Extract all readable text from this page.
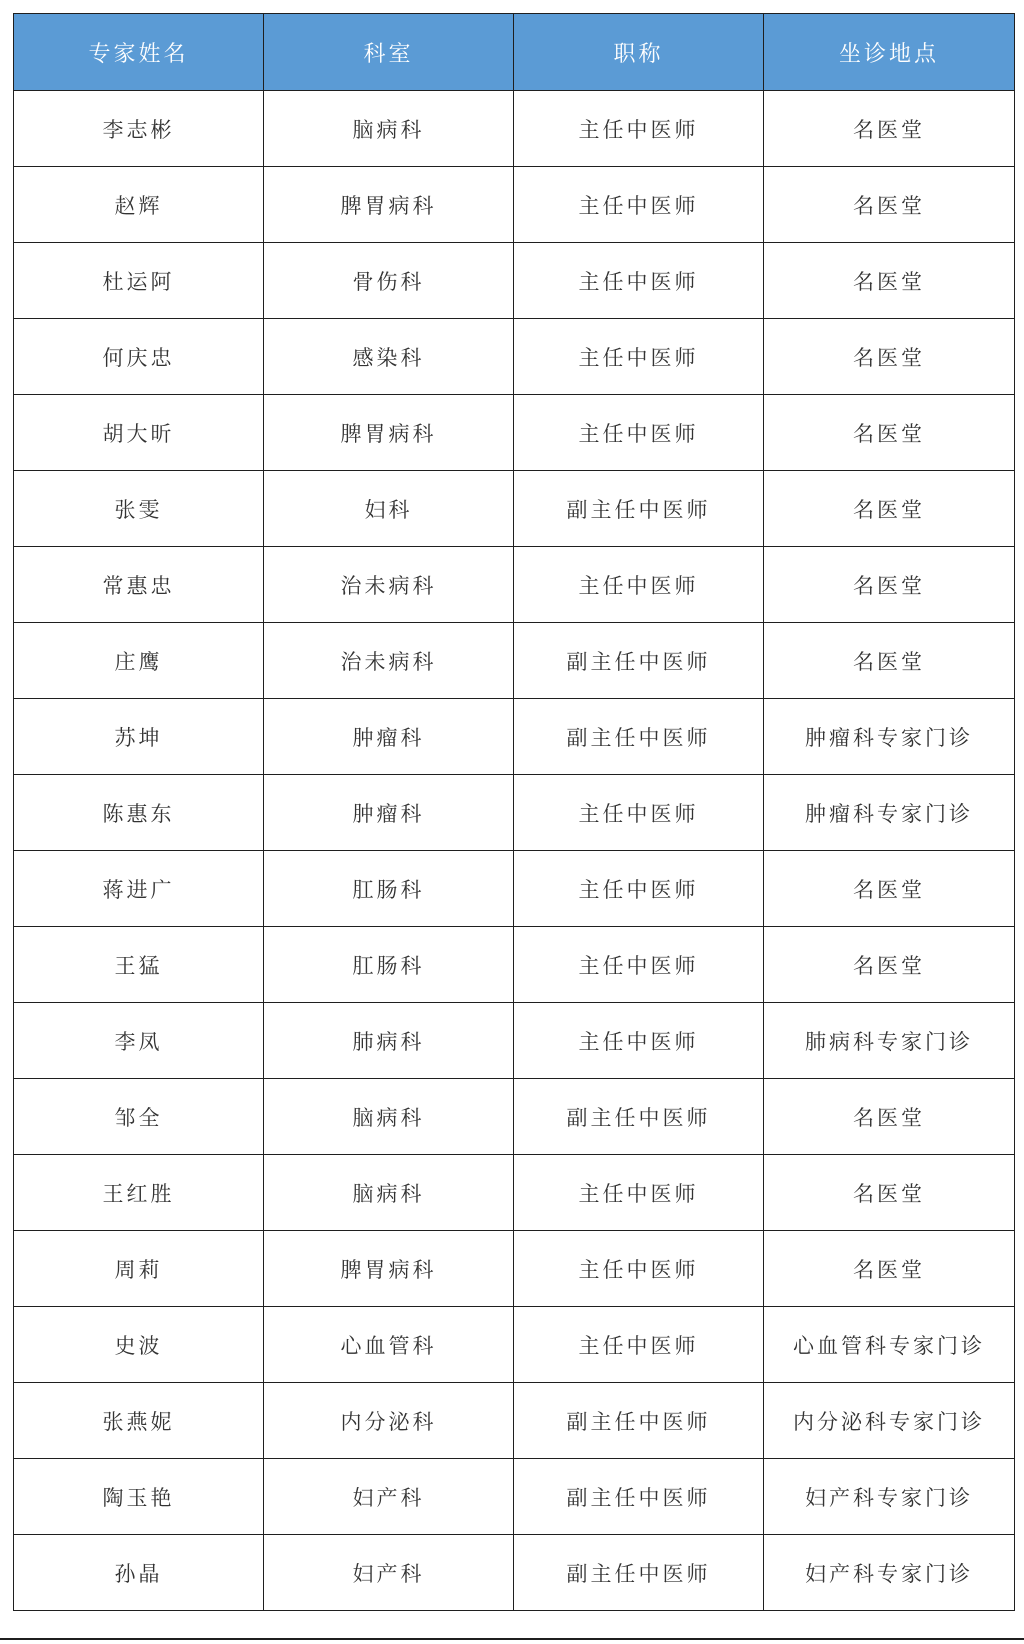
专家姓名	科室	职称	坐诊地点
李志彬	脑病科	主任中医师	名医堂
赵辉	脾胃病科	主任中医师	名医堂
杜运阿	骨伤科	主任中医师	名医堂
何庆忠	感染科	主任中医师	名医堂
胡大昕	脾胃病科	主任中医师	名医堂
张雯	妇科	副主任中医师	名医堂
常惠忠	治未病科	主任中医师	名医堂
庄鹰	治未病科	副主任中医师	名医堂
苏坤	肿瘤科	副主任中医师	肿瘤科专家门诊
陈惠东	肿瘤科	主任中医师	肿瘤科专家门诊
蒋进广	肛肠科	主任中医师	名医堂
王猛	肛肠科	主任中医师	名医堂
李凤	肺病科	主任中医师	肺病科专家门诊
邹全	脑病科	副主任中医师	名医堂
王红胜	脑病科	主任中医师	名医堂
周莉	脾胃病科	主任中医师	名医堂
史波	心血管科	主任中医师	心血管科专家门诊
张燕妮	内分泌科	副主任中医师	内分泌科专家门诊
陶玉艳	妇产科	副主任中医师	妇产科专家门诊
孙晶	妇产科	副主任中医师	妇产科专家门诊
